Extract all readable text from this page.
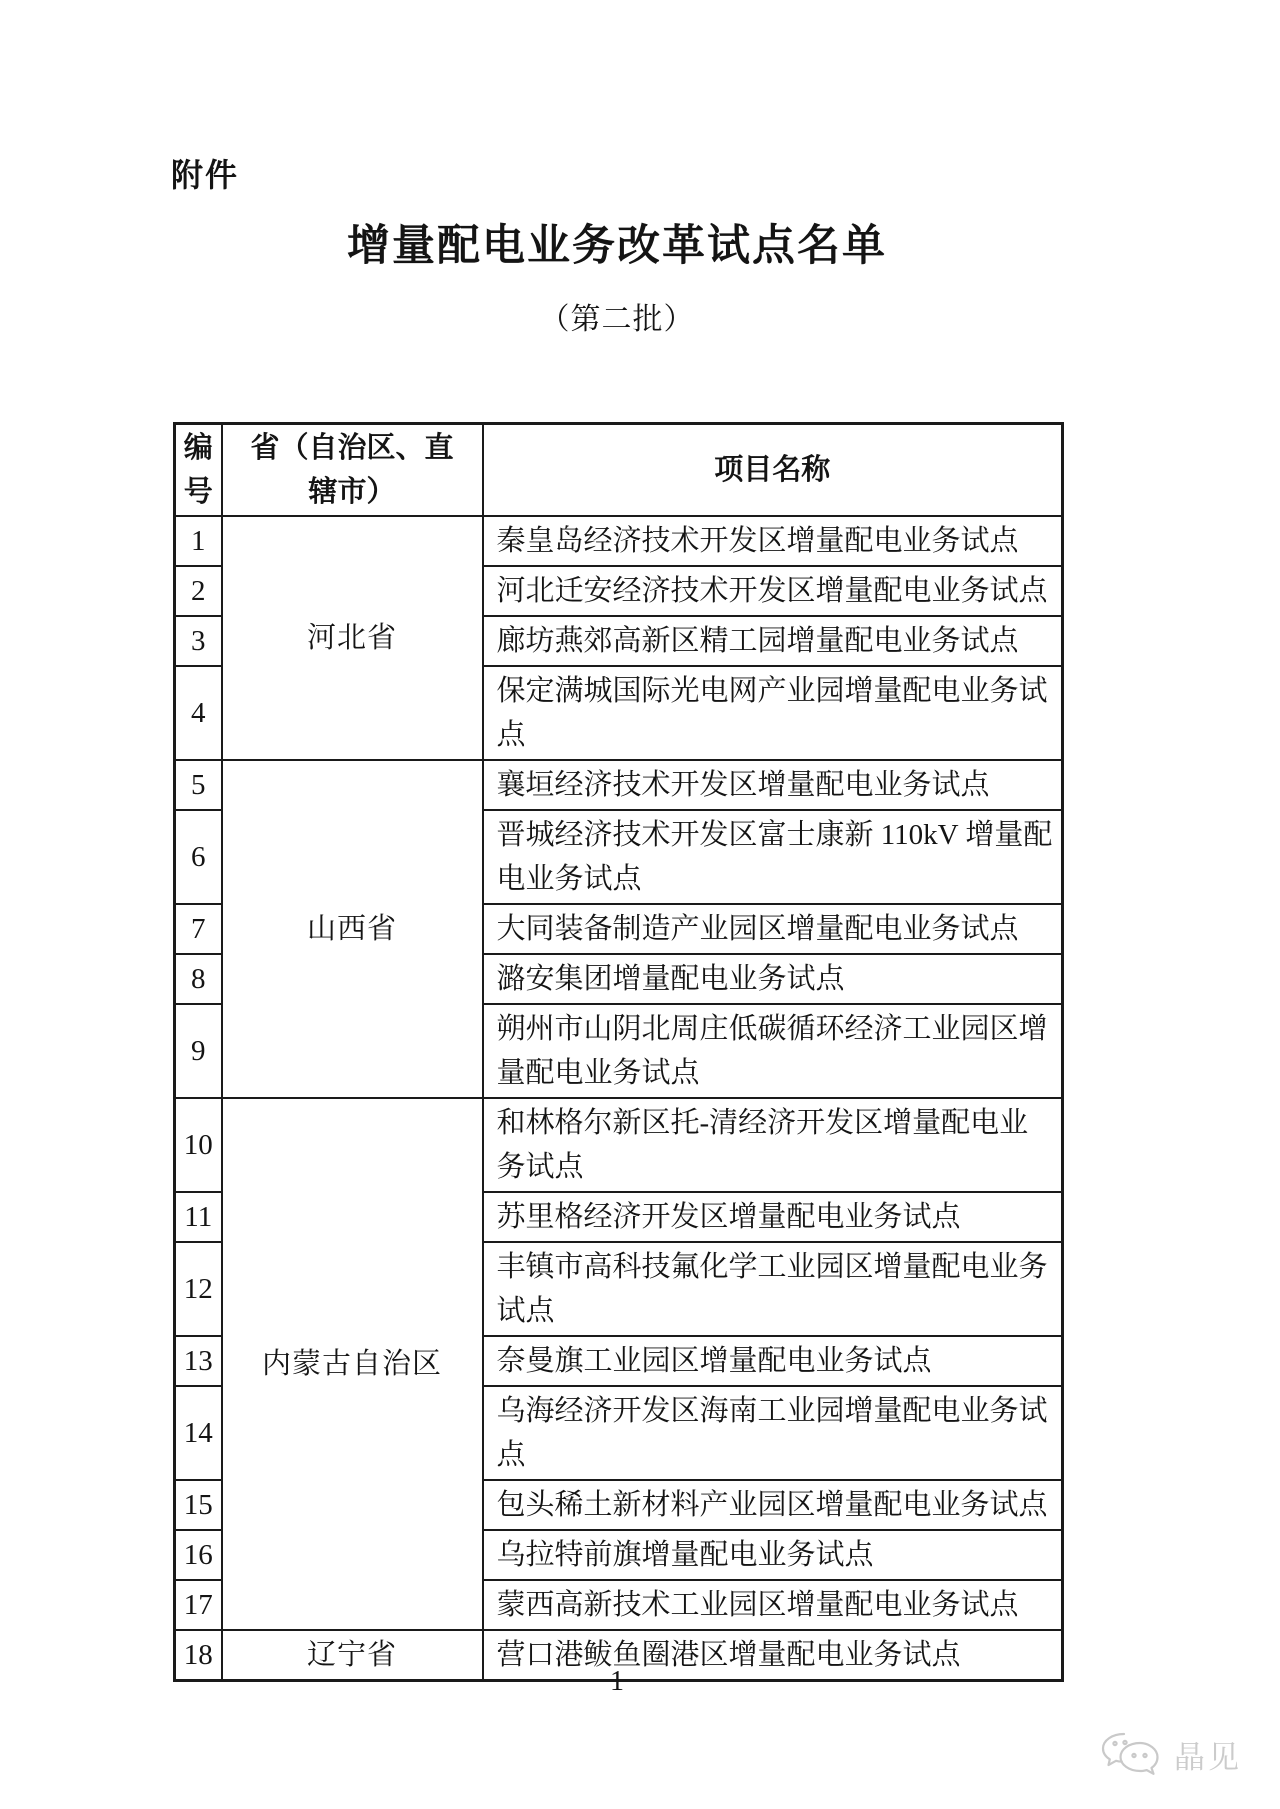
附件
增量配电业务改革试点名单
（第二批）
编号	省（自治区、直辖市）	项目名称
1	河北省	秦皇岛经济技术开发区增量配电业务试点
2		河北迁安经济技术开发区增量配电业务试点
3		廊坊燕郊高新区精工园增量配电业务试点
4		保定满城国际光电网产业园增量配电业务试点
5	山西省	襄垣经济技术开发区增量配电业务试点
6		晋城经济技术开发区富士康新 110kV 增量配电业务试点
7		大同装备制造产业园区增量配电业务试点
8		潞安集团增量配电业务试点
9		朔州市山阴北周庄低碳循环经济工业园区增量配电业务试点
10	内蒙古自治区	和林格尔新区托-清经济开发区增量配电业务试点
11		苏里格经济开发区增量配电业务试点
12		丰镇市高科技氟化学工业园区增量配电业务试点
13		奈曼旗工业园区增量配电业务试点
14		乌海经济开发区海南工业园增量配电业务试点
15		包头稀土新材料产业园区增量配电业务试点
16		乌拉特前旗增量配电业务试点
17		蒙西高新技术工业园区增量配电业务试点
18	辽宁省	营口港鲅鱼圈港区增量配电业务试点
1
晶见
